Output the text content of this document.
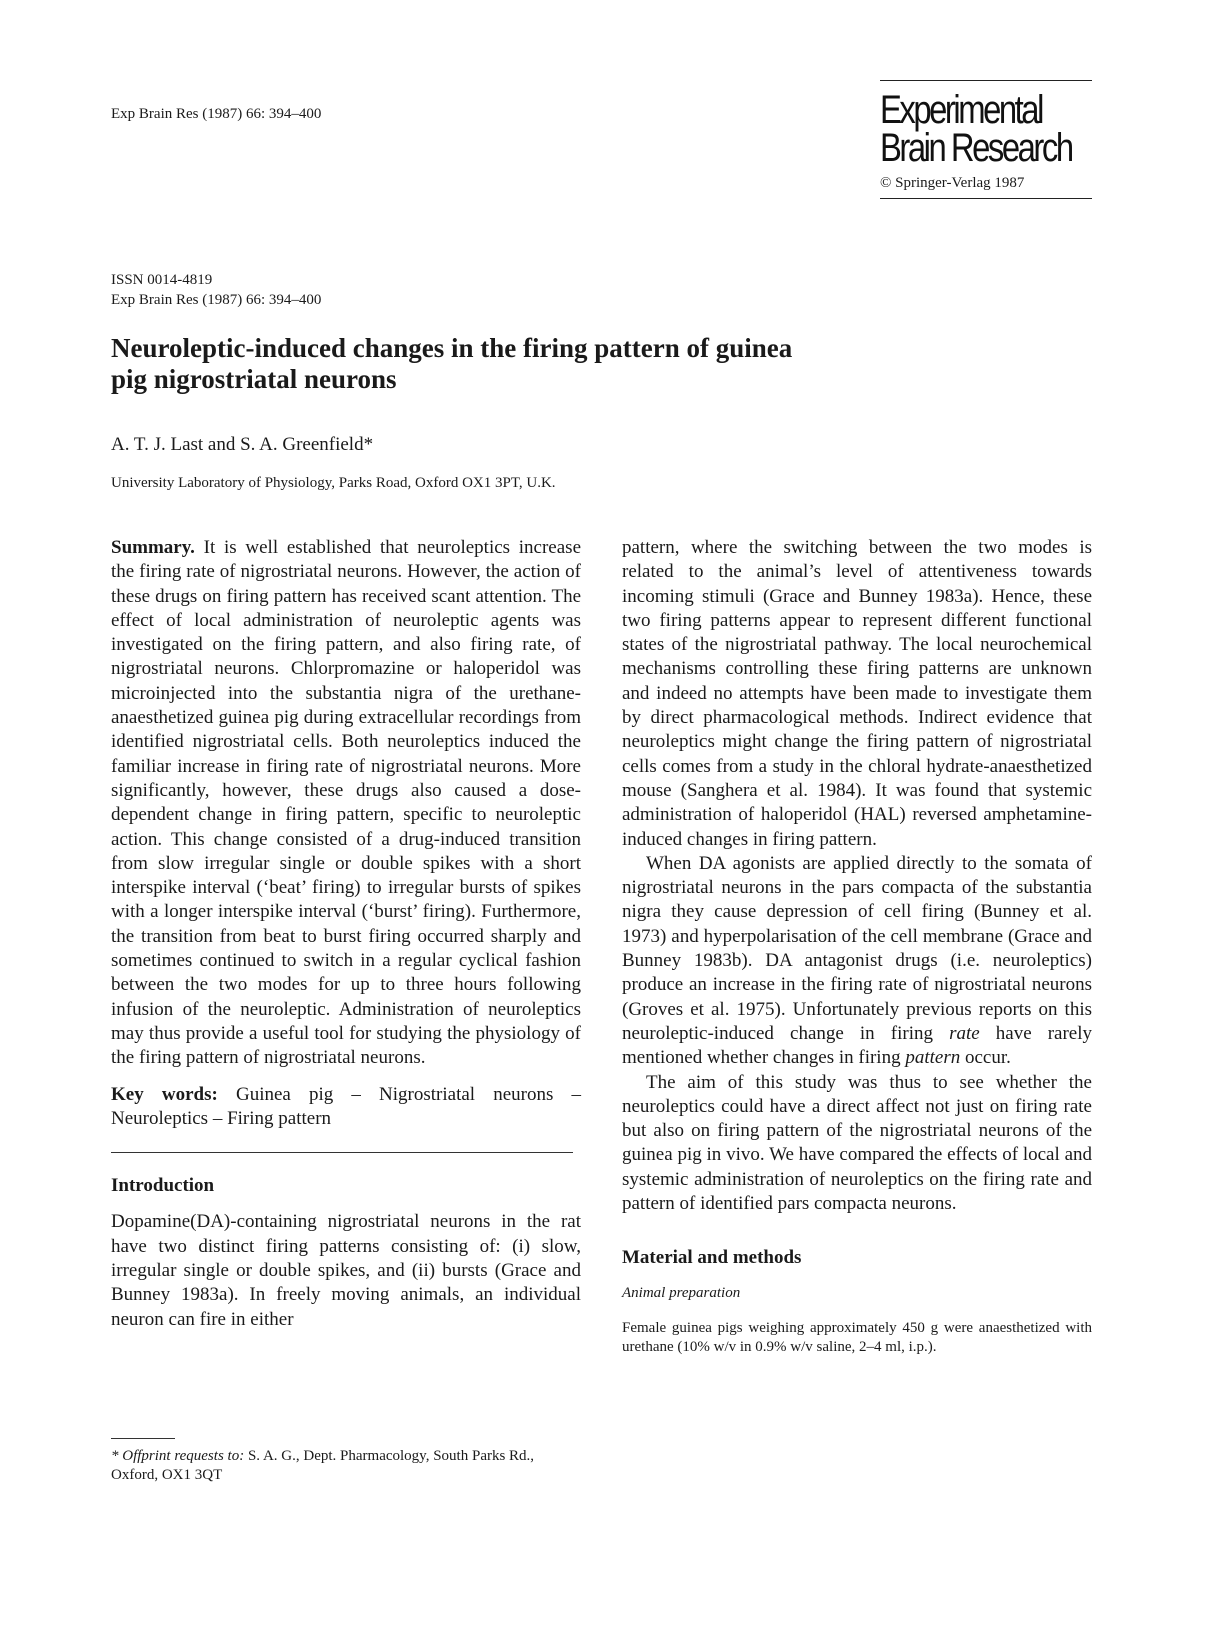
Exp Brain Res (1987) 66: 394–400	Experimental
Brain Research
© Springer-Verlag 1987
ISSN 0014-4819
Exp Brain Res (1987) 66: 394–400
Neuroleptic-induced changes in the firing pattern of guinea pig nigrostriatal neurons
A. T. J. Last and S. A. Greenfield*
University Laboratory of Physiology, Parks Road, Oxford OX1 3PT, U.K.

Summary. It is well established that neuroleptics increase the firing rate of nigrostriatal neurons. However, the action of these drugs on firing pattern has received scant attention. The effect of local administration of neuroleptic agents was investigated on the firing pattern, and also firing rate, of nigrostriatal neurons. Chlorpromazine or haloperidol was microinjected into the substantia nigra of the urethane-anaesthetized guinea pig during extracellular recordings from identified nigrostriatal cells. Both neuroleptics induced the familiar increase in firing rate of nigrostriatal neurons. More significantly, however, these drugs also caused a dose-dependent change in firing pattern, specific to neuroleptic action. This change consisted of a drug-induced transition from slow irregular single or double spikes with a short interspike interval (‘beat’ firing) to irregular bursts of spikes with a longer interspike interval (‘burst’ firing). Furthermore, the transition from beat to burst firing occurred sharply and sometimes continued to switch in a regular cyclical fashion between the two modes for up to three hours following infusion of the neuroleptic. Administration of neuroleptics may thus provide a useful tool for studying the physiology of the firing pattern of nigrostriatal neurons.

Key words: Guinea pig – Nigrostriatal neurons – Neuroleptics – Firing pattern

Introduction

Dopamine(DA)-containing nigrostriatal neurons in the rat have two distinct firing patterns consisting of: (i) slow, irregular single or double spikes, and (ii) bursts (Grace and Bunney 1983a). In freely moving animals, an individual neuron can fire in either

pattern, where the switching between the two modes is related to the animal’s level of attentiveness towards incoming stimuli (Grace and Bunney 1983a). Hence, these two firing patterns appear to represent different functional states of the nigrostriatal pathway. The local neurochemical mechanisms controlling these firing patterns are unknown and indeed no attempts have been made to investigate them by direct pharmacological methods. Indirect evidence that neuroleptics might change the firing pattern of nigrostriatal cells comes from a study in the chloral hydrate-anaesthetized mouse (Sanghera et al. 1984). It was found that systemic administration of haloperidol (HAL) reversed amphetamine-induced changes in firing pattern.

When DA agonists are applied directly to the somata of nigrostriatal neurons in the pars compacta of the substantia nigra they cause depression of cell firing (Bunney et al. 1973) and hyperpolarisation of the cell membrane (Grace and Bunney 1983b). DA antagonist drugs (i.e. neuroleptics) produce an increase in the firing rate of nigrostriatal neurons (Groves et al. 1975). Unfortunately previous reports on this neuroleptic-induced change in firing rate have rarely mentioned whether changes in firing pattern occur.

The aim of this study was thus to see whether the neuroleptics could have a direct affect not just on firing rate but also on firing pattern of the nigrostriatal neurons of the guinea pig in vivo. We have compared the effects of local and systemic administration of neuroleptics on the firing rate and pattern of identified pars compacta neurons.

Material and methods
Animal preparation

Female guinea pigs weighing approximately 450 g were anaesthetized with urethane (10% w/v in 0.9% w/v saline, 2–4 ml, i.p.).

* Offprint requests to: S. A. G., Dept. Pharmacology, South Parks Rd., Oxford, OX1 3QT
